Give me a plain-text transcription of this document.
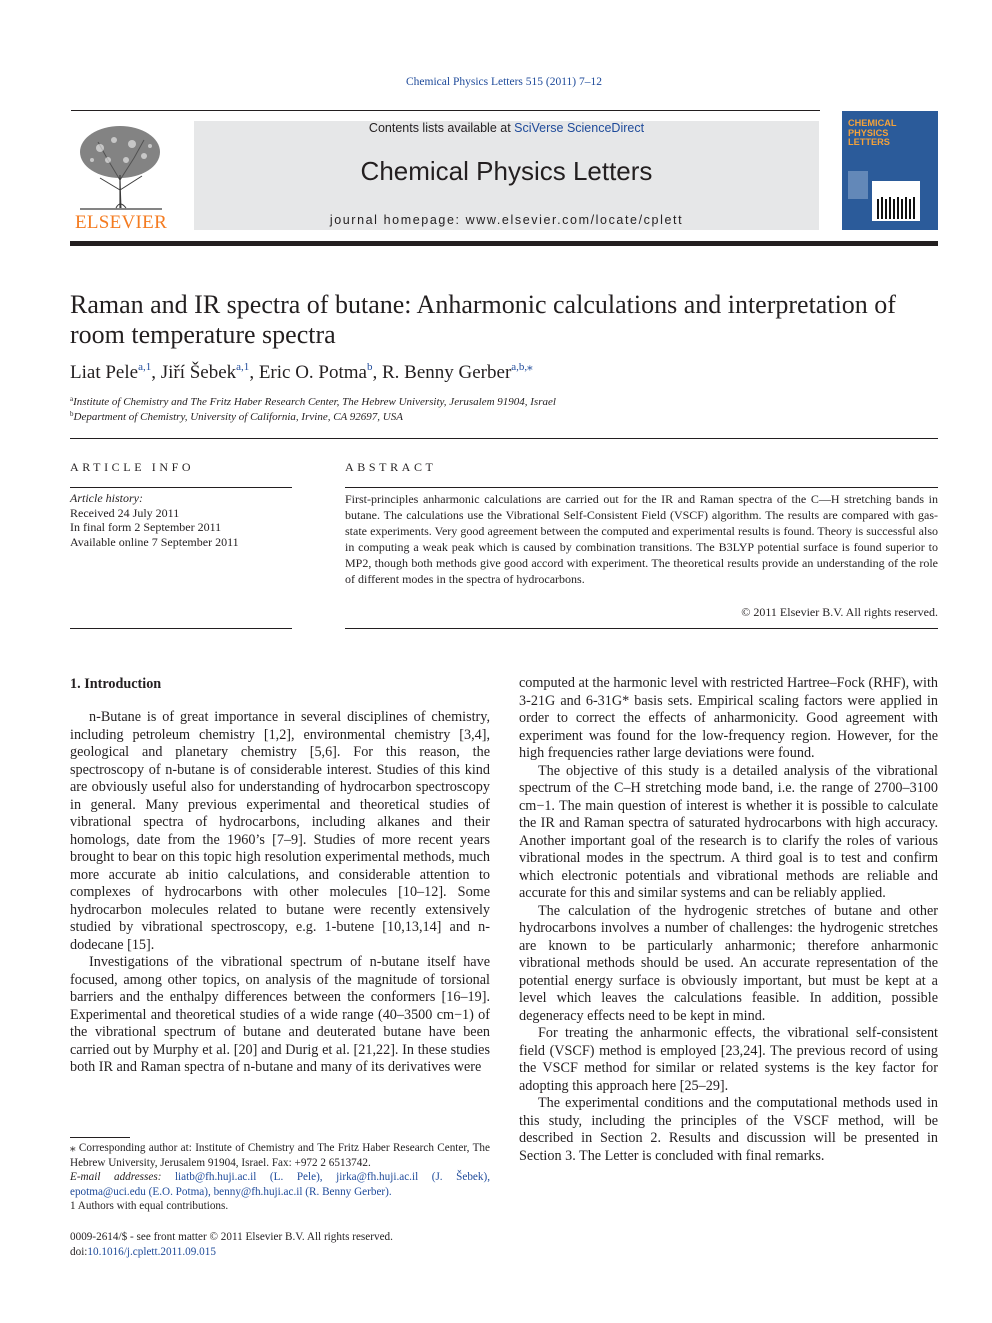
Chemical Physics Letters 515 (2011) 7–12
ELSEVIER
Contents lists available at SciVerse ScienceDirect
Chemical Physics Letters
journal homepage: www.elsevier.com/locate/cplett
CHEMICAL PHYSICS LETTERS
Raman and IR spectra of butane: Anharmonic calculations and interpretation of room temperature spectra
Liat Pele$^{a,1}$, Jiří Šebek$^{a,1}$, Eric O. Potma$^b$, R. Benny Gerber$^{a,b,⁎}$
$^a$Institute of Chemistry and The Fritz Haber Research Center, The Hebrew University, Jerusalem 91904, Israel
$^b$Department of Chemistry, University of California, Irvine, CA 92697, USA
ARTICLE INFO
Article history:
Received 24 July 2011
In final form 2 September 2011
Available online 7 September 2011
ABSTRACT
First-principles anharmonic calculations are carried out for the IR and Raman spectra of the C—H stretching bands in butane. The calculations use the Vibrational Self-Consistent Field (VSCF) algorithm. The results are compared with gas-state experiments. Very good agreement between the computed and experimental results is found. Theory is successful also in computing a weak peak which is caused by combination transitions. The B3LYP potential surface is found superior to MP2, though both methods give good accord with experiment. The theoretical results provide an understanding of the role of different modes in the spectra of hydrocarbons.
© 2011 Elsevier B.V. All rights reserved.
1. Introduction

n-Butane is of great importance in several disciplines of chemistry, including petroleum chemistry [1,2], environmental chemistry [3,4], geological and planetary chemistry [5,6]. For this reason, the spectroscopy of n-butane is of considerable interest. Studies of this kind are obviously useful also for understanding of hydrocarbon spectroscopy in general. Many previous experimental and theoretical studies of vibrational spectra of hydrocarbons, including alkanes and their homologs, date from the 1960’s [7–9]. Studies of more recent years brought to bear on this topic high resolution experimental methods, much more accurate ab initio calculations, and considerable attention to complexes of hydrocarbons with other molecules [10–12]. Some hydrocarbon molecules related to butane were recently extensively studied by vibrational spectroscopy, e.g. 1-butene [10,13,14] and n-dodecane [15].

Investigations of the vibrational spectrum of n-butane itself have focused, among other topics, on analysis of the magnitude of torsional barriers and the enthalpy differences between the conformers [16–19]. Experimental and theoretical studies of a wide range (40–3500 cm−1) of the vibrational spectrum of butane and deuterated butane have been carried out by Murphy et al. [20] and Durig et al. [21,22]. In these studies both IR and Raman spectra of n-butane and many of its derivatives were

computed at the harmonic level with restricted Hartree–Fock (RHF), with 3-21G and 6-31G* basis sets. Empirical scaling factors were applied in order to correct the effects of anharmonicity. Good agreement with experiment was found for the low-frequency region. However, for the high frequencies rather large deviations were found.

The objective of this study is a detailed analysis of the vibrational spectrum of the C–H stretching mode band, i.e. the range of 2700–3100 cm−1. The main question of interest is whether it is possible to calculate the IR and Raman spectra of saturated hydrocarbons with high accuracy. Another important goal of the research is to clarify the roles of various vibrational modes in the spectrum. A third goal is to test and confirm which electronic potentials and vibrational methods are reliable and accurate for this and similar systems and can be reliably applied.

The calculation of the hydrogenic stretches of butane and other hydrocarbons involves a number of challenges: the hydrogenic stretches are known to be particularly anharmonic; therefore anharmonic vibrational methods should be used. An accurate representation of the potential energy surface is obviously important, but must be kept at a level which leaves the calculations feasible. In addition, possible degeneracy effects need to be kept in mind.

For treating the anharmonic effects, the vibrational self-consistent field (VSCF) method is employed [23,24]. The previous record of using the VSCF method for similar or related systems is the key factor for adopting this approach here [25–29].

The experimental conditions and the computational methods used in this study, including the principles of the VSCF method, will be described in Section 2. Results and discussion will be presented in Section 3. The Letter is concluded with final remarks.

⁎ Corresponding author at: Institute of Chemistry and The Fritz Haber Research Center, The Hebrew University, Jerusalem 91904, Israel. Fax: +972 2 6513742.

E-mail addresses: liatb@fh.huji.ac.il (L. Pele), jirka@fh.huji.ac.il (J. Šebek), epotma@uci.edu (E.O. Potma), benny@fh.huji.ac.il (R. Benny Gerber).

1 Authors with equal contributions.

0009-2614/$ - see front matter © 2011 Elsevier B.V. All rights reserved.
doi:10.1016/j.cplett.2011.09.015
